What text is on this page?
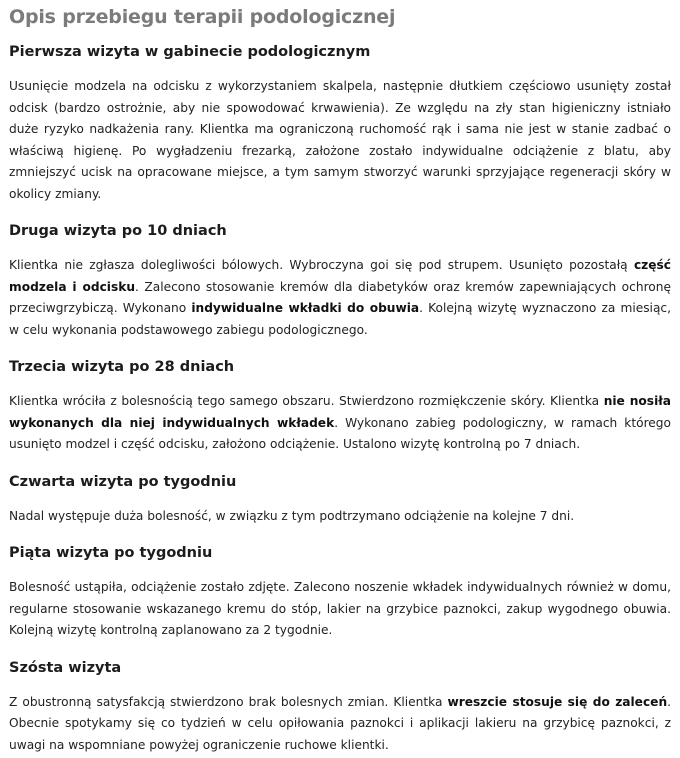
Opis przebiegu terapii podologicznej
Pierwsza wizyta w gabinecie podologicznym

Usunięcie modzela na odcisku z wykorzystaniem skalpela, następnie dłutkiem częściowo usunięty został odcisk (bardzo ostrożnie, aby nie spowodować krwawienia). Ze względu na zły stan higieniczny istniało duże ryzyko nadkażenia rany. Klientka ma ograniczoną ruchomość rąk i sama nie jest w stanie zadbać o właściwą higienę. Po wygładzeniu frezarką, założone zostało indywidualne odciążenie z blatu, aby zmniejszyć ucisk na opracowane miejsce, a tym samym stworzyć warunki sprzyjające regeneracji skóry w okolicy zmiany.

Druga wizyta po 10 dniach

Klientka nie zgłasza dolegliwości bólowych. Wybroczyna goi się pod strupem. Usunięto pozostałą część modzela i odcisku. Zalecono stosowanie kremów dla diabetyków oraz kremów zapewniających ochronę przeciwgrzybiczą. Wykonano indywidualne wkładki do obuwia. Kolejną wizytę wyznaczono za miesiąc, w celu wykonania podstawowego zabiegu podologicznego.

Trzecia wizyta po 28 dniach

Klientka wróciła z bolesnością tego samego obszaru. Stwierdzono rozmiękczenie skóry. Klientka nie nosiła wykonanych dla niej indywidualnych wkładek. Wykonano zabieg podologiczny, w ramach którego usunięto modzel i część odcisku, założono odciążenie. Ustalono wizytę kontrolną po 7 dniach.

Czwarta wizyta po tygodniu

Nadal występuje duża bolesność, w związku z tym podtrzymano odciążenie na kolejne 7 dni.

Piąta wizyta po tygodniu

Bolesność ustąpiła, odciążenie zostało zdjęte. Zalecono noszenie wkładek indywidualnych również w domu, regularne stosowanie wskazanego kremu do stóp, lakier na grzybice paznokci, zakup wygodnego obuwia. Kolejną wizytę kontrolną zaplanowano za 2 tygodnie.

Szósta wizyta

Z obustronną satysfakcją stwierdzono brak bolesnych zmian. Klientka wreszcie stosuje się do zaleceń. Obecnie spotykamy się co tydzień w celu opiłowania paznokci i aplikacji lakieru na grzybicę paznokci, z uwagi na wspomniane powyżej ograniczenie ruchowe klientki.
